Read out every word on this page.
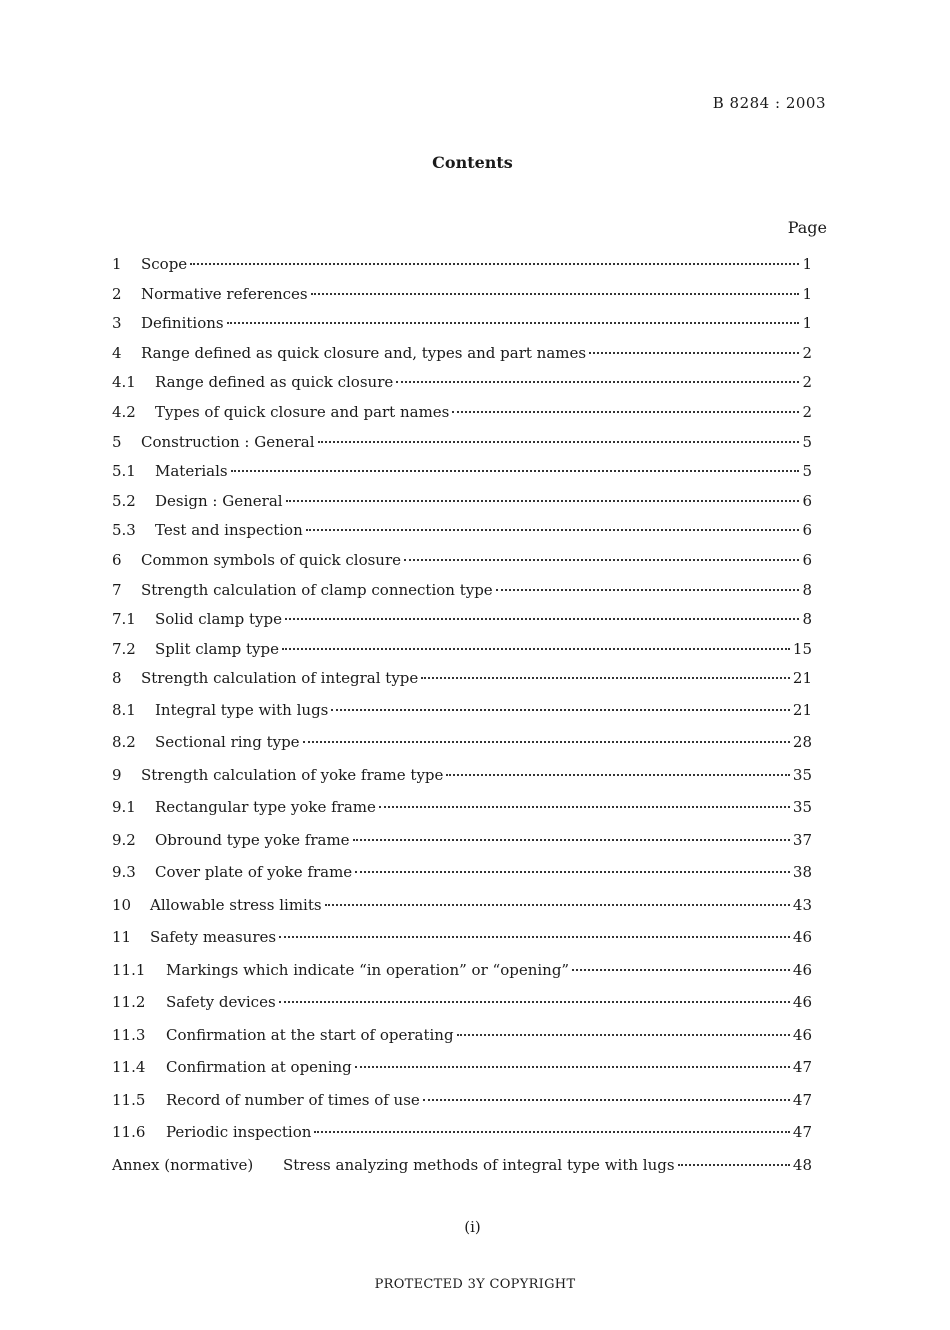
B 8284 : 2003
Contents
Page
1	Scope	1
2	Normative references	1
3	Definitions	1
4	Range defined as quick closure and, types and part names	2
4.1	Range defined as quick closure	2
4.2	Types of quick closure and part names	2
5	Construction : General	5
5.1	Materials	5
5.2	Design : General	6
5.3	Test and inspection	6
6	Common symbols of quick closure	6
7	Strength calculation of clamp connection type	8
7.1	Solid clamp type	8
7.2	Split clamp type	15
8	Strength calculation of integral type	21
8.1	Integral type with lugs	21
8.2	Sectional ring type	28
9	Strength calculation of yoke frame type	35
9.1	Rectangular type yoke frame	35
9.2	Obround type yoke frame	37
9.3	Cover plate of yoke frame	38
10	Allowable stress limits	43
11	Safety measures	46
11.1	Markings which indicate “in operation” or “opening”	46
11.2	Safety devices	46
11.3	Confirmation at the start of operating	46
11.4	Confirmation at opening	47
11.5	Record of number of times of use	47
11.6	Periodic inspection	47
Annex (normative)	Stress analyzing methods of integral type with lugs	48
(i)
PROTECTED 3Y COPYRIGHT
